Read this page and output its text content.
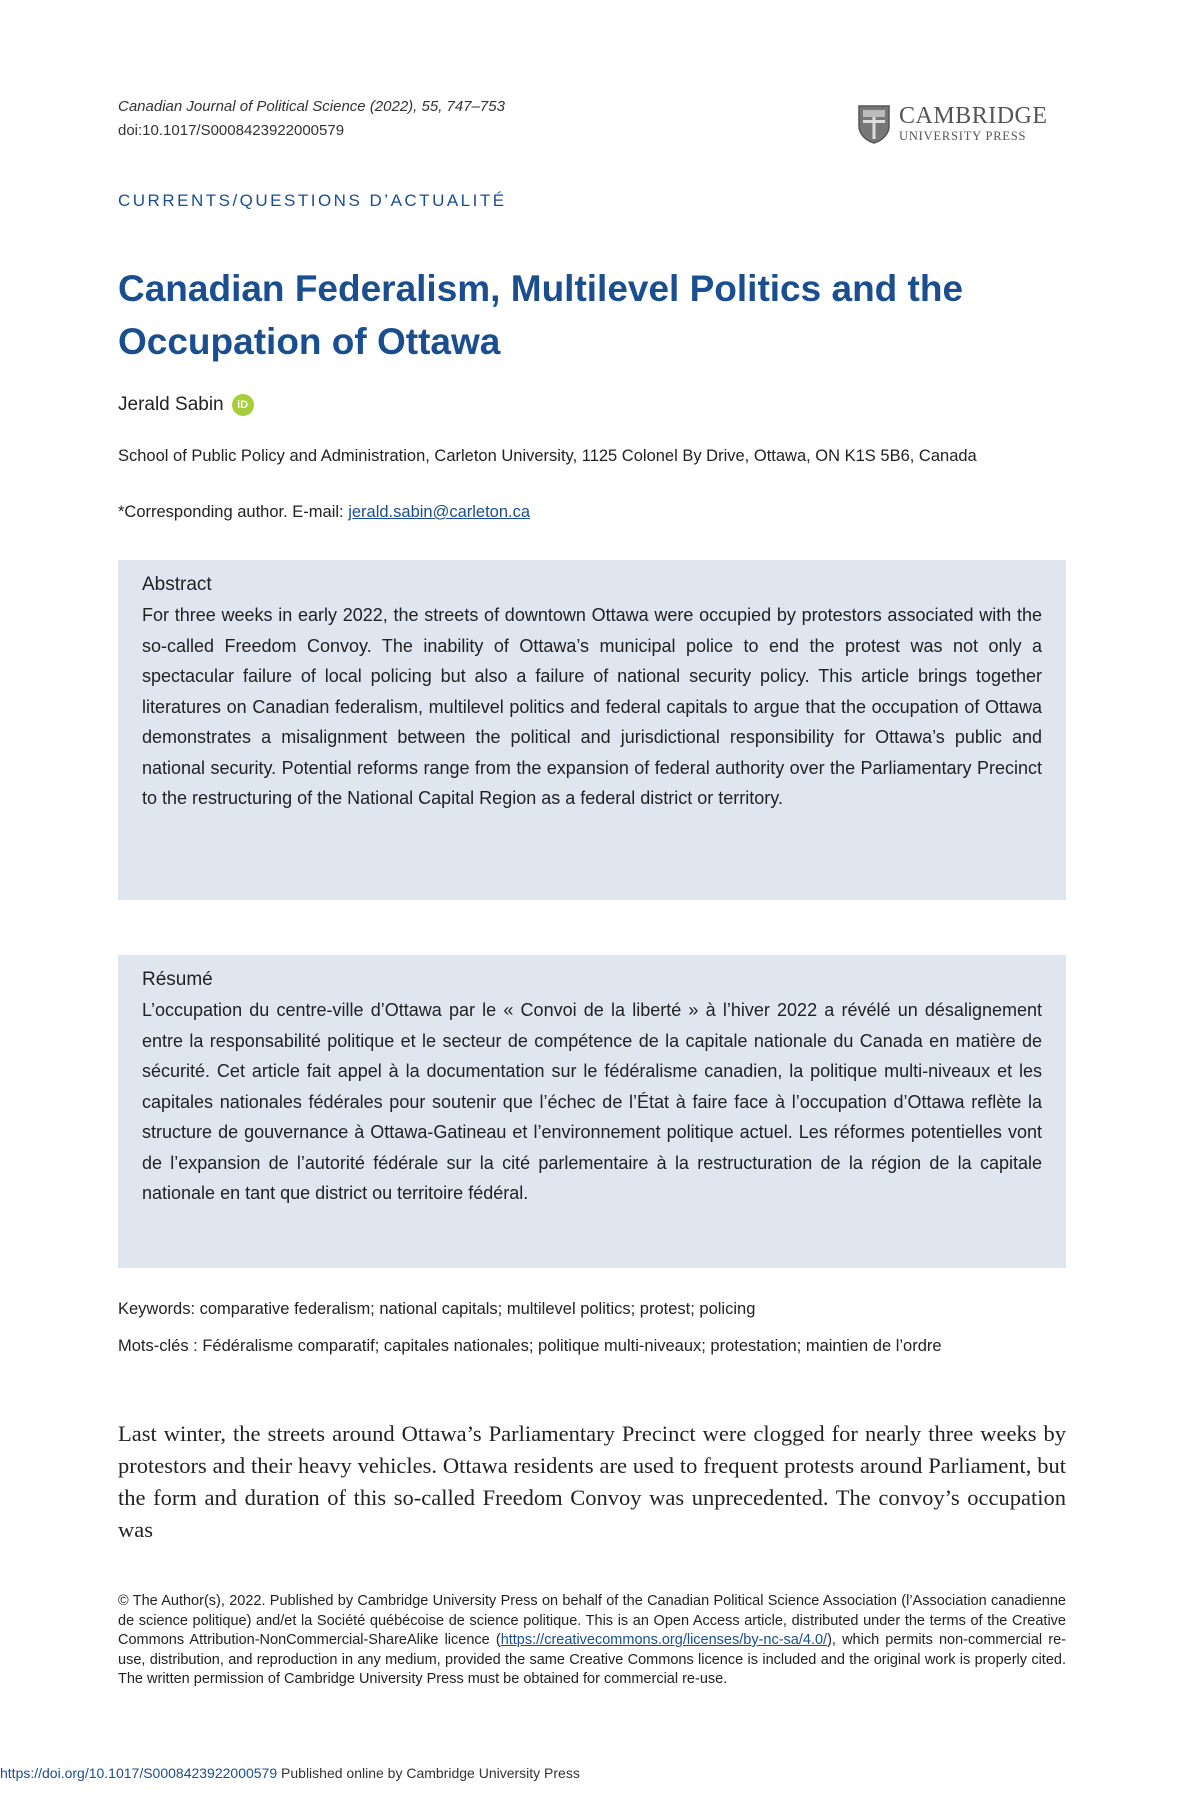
Canadian Journal of Political Science (2022), 55, 747–753
doi:10.1017/S0008423922000579
CAMBRIDGE
UNIVERSITY PRESS
CURRENTS/QUESTIONS D’ACTUALITÉ
Canadian Federalism, Multilevel Politics and the Occupation of Ottawa
Jerald Sabin	iD
School of Public Policy and Administration, Carleton University, 1125 Colonel By Drive, Ottawa, ON K1S 5B6, Canada
*Corresponding author. E-mail: jerald.sabin@carleton.ca
Abstract

For three weeks in early 2022, the streets of downtown Ottawa were occupied by protestors associated with the so-called Freedom Convoy. The inability of Ottawa’s municipal police to end the protest was not only a spectacular failure of local policing but also a failure of national security policy. This article brings together literatures on Canadian federalism, multilevel politics and federal capitals to argue that the occupation of Ottawa demonstrates a misalignment between the political and jurisdictional responsibility for Ottawa’s public and national security. Potential reforms range from the expansion of federal authority over the Parliamentary Precinct to the restructuring of the National Capital Region as a federal district or territory.

Résumé

L’occupation du centre-ville d’Ottawa par le « Convoi de la liberté » à l’hiver 2022 a révélé un désalignement entre la responsabilité politique et le secteur de compétence de la capitale nationale du Canada en matière de sécurité. Cet article fait appel à la documentation sur le fédéralisme canadien, la politique multi-niveaux et les capitales nationales fédérales pour soutenir que l’échec de l’État à faire face à l’occupation d’Ottawa reflète la structure de gouvernance à Ottawa-Gatineau et l’environnement politique actuel. Les réformes potentielles vont de l’expansion de l’autorité fédérale sur la cité parlementaire à la restructuration de la région de la capitale nationale en tant que district ou territoire fédéral.

Keywords: comparative federalism; national capitals; multilevel politics; protest; policing
Mots-clés : Fédéralisme comparatif; capitales nationales; politique multi-niveaux; protestation; maintien de l’ordre
Last winter, the streets around Ottawa’s Parliamentary Precinct were clogged for nearly three weeks by protestors and their heavy vehicles. Ottawa residents are used to frequent protests around Parliament, but the form and duration of this so-called Freedom Convoy was unprecedented. The convoy’s occupation was
© The Author(s), 2022. Published by Cambridge University Press on behalf of the Canadian Political Science Association (l’Association canadienne de science politique) and/et la Société québécoise de science politique. This is an Open Access article, distributed under the terms of the Creative Commons Attribution-NonCommercial-ShareAlike licence (https://creativecommons.org/licenses/by-nc-sa/4.0/), which permits non-commercial re-use, distribution, and reproduction in any medium, provided the same Creative Commons licence is included and the original work is properly cited. The written permission of Cambridge University Press must be obtained for commercial re-use.
https://doi.org/10.1017/S0008423922000579 Published online by Cambridge University Press
